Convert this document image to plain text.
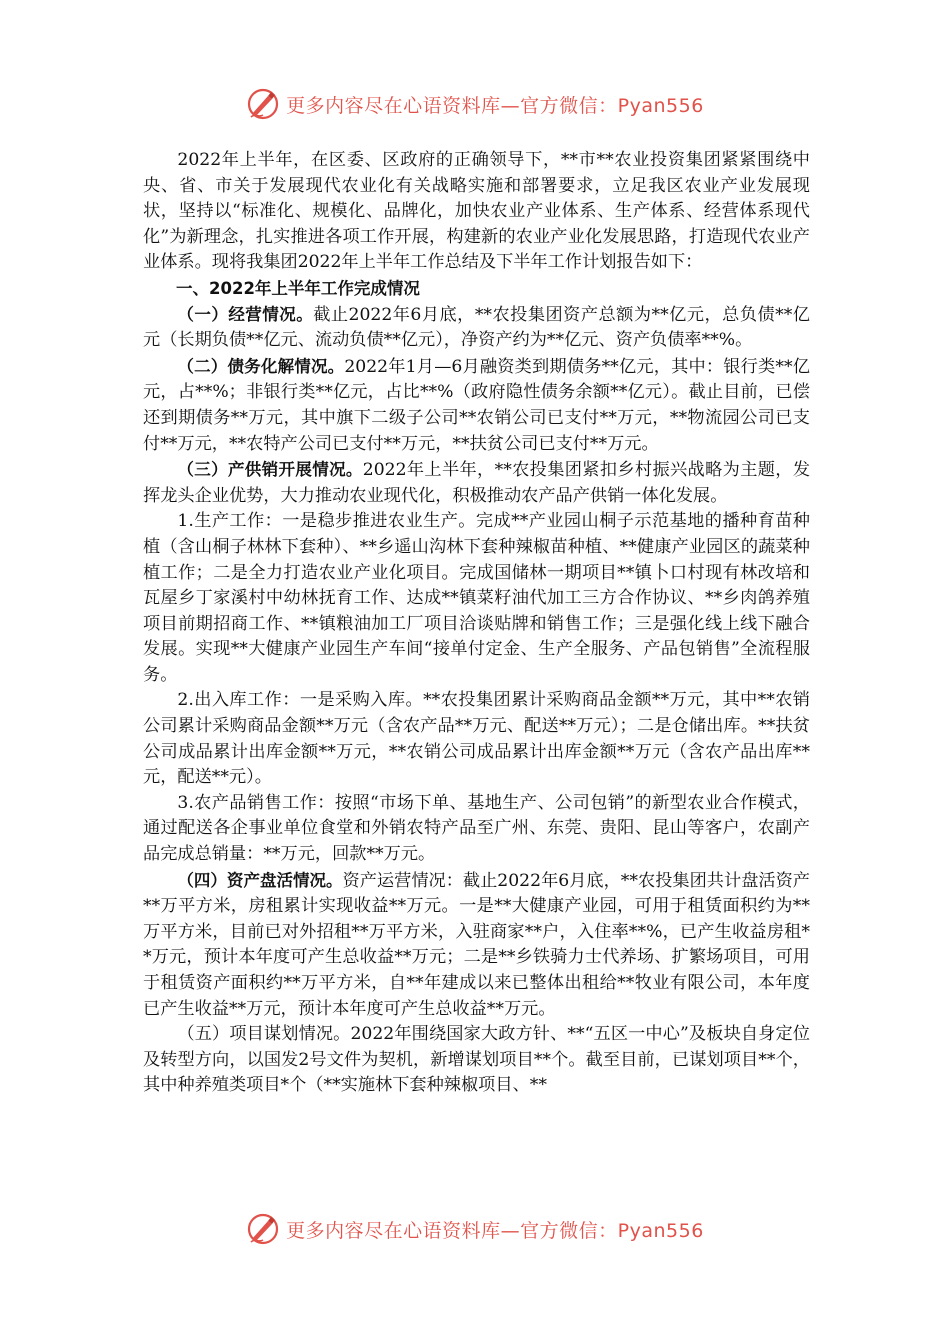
更多内容尽在心语资料库—官方微信：Pyan556

2022年上半年，在区委、区政府的正确领导下，**市**农业投资集团紧紧围绕中央、省、市关于发展现代农业化有关战略实施和部署要求，立足我区农业产业发展现状，坚持以“标准化、规模化、品牌化，加快农业产业体系、生产体系、经营体系现代化”为新理念，扎实推进各项工作开展，构建新的农业产业化发展思路，打造现代农业产业体系。现将我集团2022年上半年工作总结及下半年工作计划报告如下：

一、2022年上半年工作完成情况

（一）经营情况。截止2022年6月底，**农投集团资产总额为**亿元，总负债**亿元（长期负债**亿元、流动负债**亿元），净资产约为**亿元、资产负债率**%。

（二）债务化解情况。2022年1月—6月融资类到期债务**亿元，其中：银行类**亿元，占**%；非银行类**亿元，占比**%（政府隐性债务余额**亿元）。截止目前，已偿还到期债务**万元，其中旗下二级子公司**农销公司已支付**万元，**物流园公司已支付**万元，**农特产公司已支付**万元，**扶贫公司已支付**万元。

（三）产供销开展情况。2022年上半年，**农投集团紧扣乡村振兴战略为主题，发挥龙头企业优势，大力推动农业现代化，积极推动农产品产供销一体化发展。

1.生产工作：一是稳步推进农业生产。完成**产业园山桐子示范基地的播种育苗种植（含山桐子林林下套种）、**乡遥山沟林下套种辣椒苗种植、**健康产业园区的蔬菜种植工作；二是全力打造农业产业化项目。完成国储林一期项目**镇卜口村现有林改培和瓦屋乡丁家溪村中幼林抚育工作、达成**镇菜籽油代加工三方合作协议、**乡肉鸽养殖项目前期招商工作、**镇粮油加工厂项目洽谈贴牌和销售工作；三是强化线上线下融合发展。实现**大健康产业园生产车间“接单付定金、生产全服务、产品包销售”全流程服务。

2.出入库工作：一是采购入库。**农投集团累计采购商品金额**万元，其中**农销公司累计采购商品金额**万元（含农产品**万元、配送**万元）；二是仓储出库。**扶贫公司成品累计出库金额**万元，**农销公司成品累计出库金额**万元（含农产品出库**元，配送**元）。

3.农产品销售工作：按照“市场下单、基地生产、公司包销”的新型农业合作模式，通过配送各企事业单位食堂和外销农特产品至广州、东莞、贵阳、昆山等客户，农副产品完成总销量：**万元，回款**万元。

（四）资产盘活情况。资产运营情况：截止2022年6月底，**农投集团共计盘活资产**万平方米，房租累计实现收益**万元。一是**大健康产业园，可用于租赁面积约为**万平方米，目前已对外招租**万平方米，入驻商家**户，入住率**%，已产生收益房租**万元，预计本年度可产生总收益**万元；二是**乡铁骑力士代养场、扩繁场项目，可用于租赁资产面积约**万平方米，自**年建成以来已整体出租给**牧业有限公司，本年度已产生收益**万元，预计本年度可产生总收益**万元。

（五）项目谋划情况。2022年围绕国家大政方针、**“五区一中心”及板块自身定位及转型方向，以国发2号文件为契机，新增谋划项目**个。截至目前，已谋划项目**个，其中种养殖类项目*个（**实施林下套种辣椒项目、**

更多内容尽在心语资料库—官方微信：Pyan556
